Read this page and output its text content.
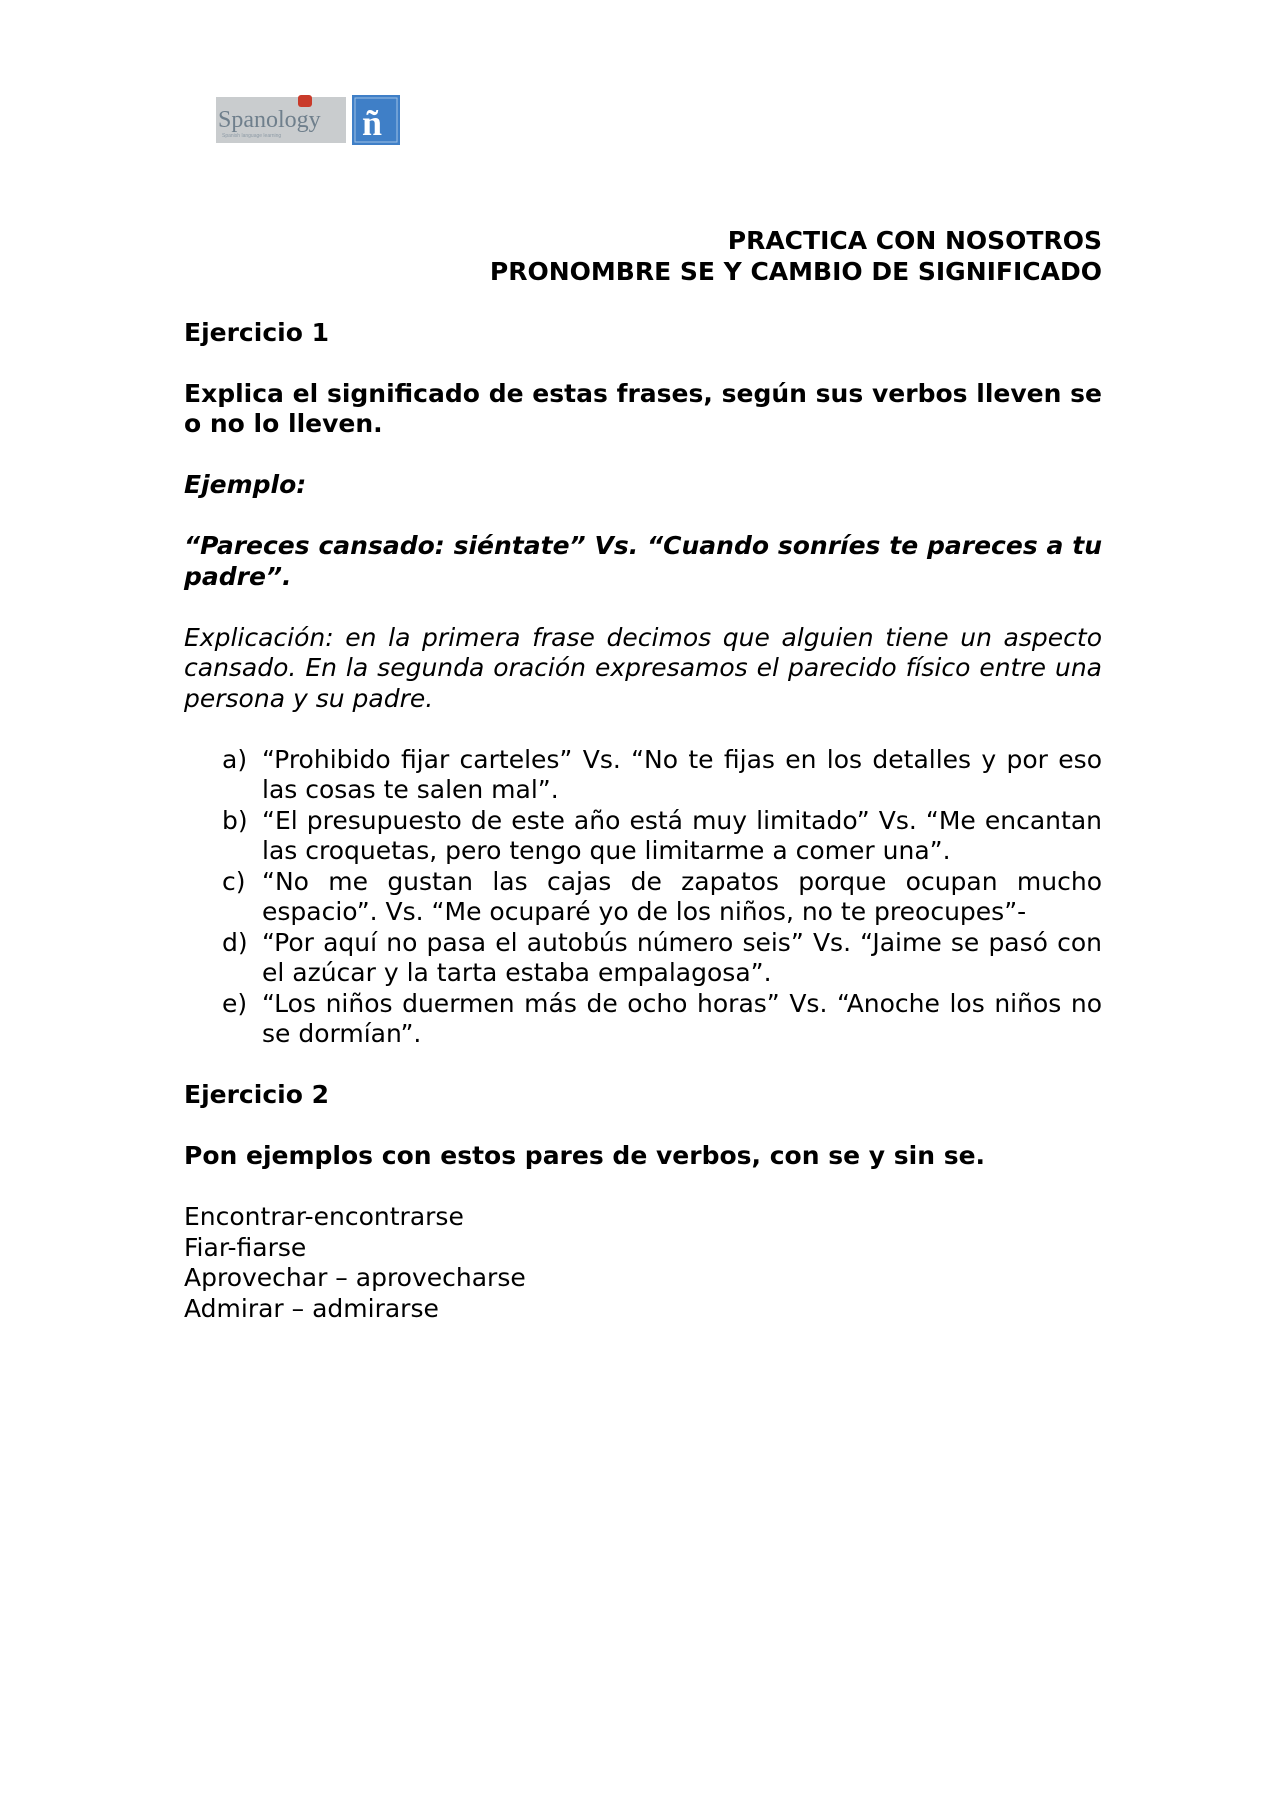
Spanology
Spanish language learning ñ

PRACTICA CON NOSOTROS

PRONOMBRE SE Y CAMBIO DE SIGNIFICADO

Ejercicio 1

Explica el significado de estas frases, según sus verbos lleven se o no lo lleven.

Ejemplo:

“Pareces cansado: siéntate” Vs. “Cuando sonríes te pareces a tu padre”.

Explicación: en la primera frase decimos que alguien tiene un aspecto cansado. En la segunda oración expresamos el parecido físico entre una persona y su padre.

a) “Prohibido fijar carteles” Vs. “No te fijas en los detalles y por eso las cosas te salen mal”.
b) “El presupuesto de este año está muy limitado” Vs. “Me encantan las croquetas, pero tengo que limitarme a comer una”.
c) “No me gustan las cajas de zapatos porque ocupan mucho espacio”. Vs. “Me ocuparé yo de los niños, no te preocupes”-
d) “Por aquí no pasa el autobús número seis” Vs. “Jaime se pasó con el azúcar y la tarta estaba empalagosa”.
e) “Los niños duermen más de ocho horas” Vs. “Anoche los niños no se dormían”.

Ejercicio 2

Pon ejemplos con estos pares de verbos, con se y sin se.

Encontrar-encontrarse

Fiar-fiarse

Aprovechar – aprovecharse

Admirar – admirarse
